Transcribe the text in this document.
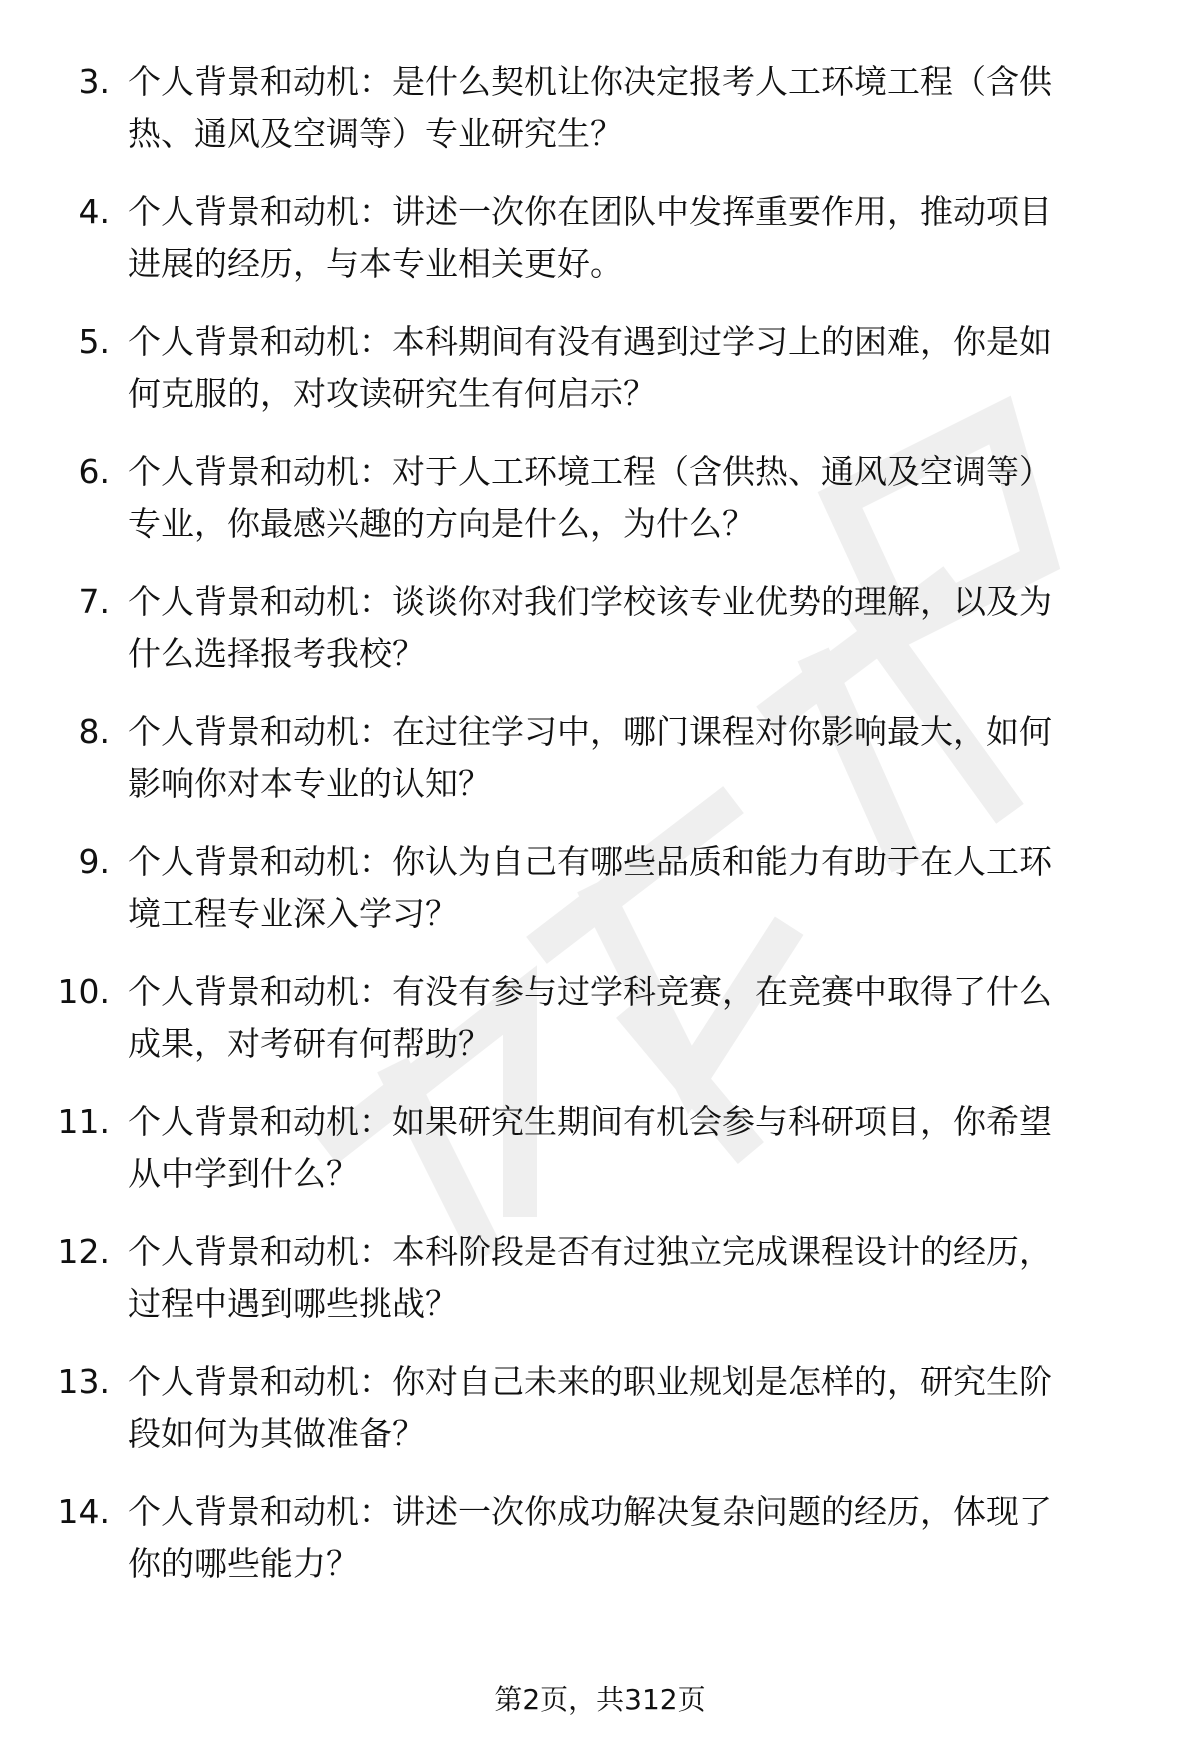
3. 个人背景和动机：是什么契机让你决定报考人工环境工程（含供
热、通风及空调等）专业研究生？
4. 个人背景和动机：讲述一次你在团队中发挥重要作用，推动项目
进展的经历，与本专业相关更好。
5. 个人背景和动机：本科期间有没有遇到过学习上的困难，你是如
何克服的，对攻读研究生有何启示？
6. 个人背景和动机：对于人工环境工程（含供热、通风及空调等）
专业，你最感兴趣的方向是什么，为什么？
7. 个人背景和动机：谈谈你对我们学校该专业优势的理解，以及为
什么选择报考我校？
8. 个人背景和动机：在过往学习中，哪门课程对你影响最大，如何
影响你对本专业的认知？
9. 个人背景和动机：你认为自己有哪些品质和能力有助于在人工环
境工程专业深入学习？
10. 个人背景和动机：有没有参与过学科竞赛，在竞赛中取得了什么
成果，对考研有何帮助？
11. 个人背景和动机：如果研究生期间有机会参与科研项目，你希望
从中学到什么？
12. 个人背景和动机：本科阶段是否有过独立完成课程设计的经历，
过程中遇到哪些挑战？
13. 个人背景和动机：你对自己未来的职业规划是怎样的，研究生阶
段如何为其做准备？
14. 个人背景和动机：讲述一次你成功解决复杂问题的经历，体现了
你的哪些能力？
第2页，共312页
